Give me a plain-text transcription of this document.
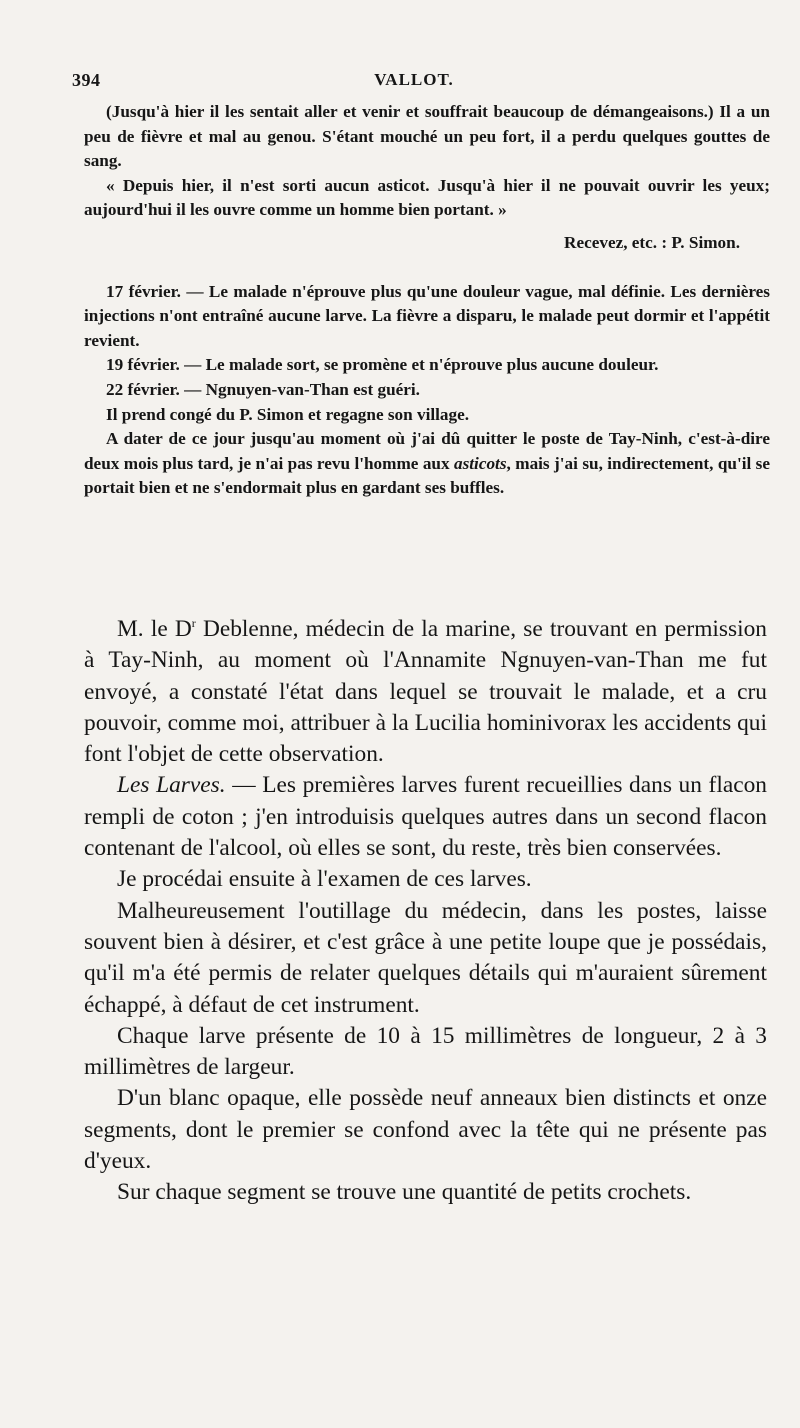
394	VALLOT.

(Jusqu'à hier il les sentait aller et venir et souffrait beaucoup de démangeaisons.) Il a un peu de fièvre et mal au genou. S'étant mouché un peu fort, il a perdu quelques gouttes de sang.

« Depuis hier, il n'est sorti aucun asticot. Jusqu'à hier il ne pouvait ouvrir les yeux; aujourd'hui il les ouvre comme un homme bien portant. »

Recevez, etc. : P. Simon.

17 février. — Le malade n'éprouve plus qu'une douleur vague, mal définie. Les dernières injections n'ont entraîné aucune larve. La fièvre a disparu, le malade peut dormir et l'appétit revient.

19 février. — Le malade sort, se promène et n'éprouve plus aucune douleur.

22 février. — Ngnuyen-van-Than est guéri.

Il prend congé du P. Simon et regagne son village.

A dater de ce jour jusqu'au moment où j'ai dû quitter le poste de Tay-Ninh, c'est-à-dire deux mois plus tard, je n'ai pas revu l'homme aux asticots, mais j'ai su, indirectement, qu'il se portait bien et ne s'endormait plus en gardant ses buffles.

M. le $D^r$ Deblenne, médecin de la marine, se trouvant en permission à Tay-Ninh, au moment où l'Annamite Ngnuyen-van-Than me fut envoyé, a constaté l'état dans lequel se trouvait le malade, et a cru pouvoir, comme moi, attribuer à la Lucilia hominivorax les accidents qui font l'objet de cette observation.

Les Larves. — Les premières larves furent recueillies dans un flacon rempli de coton ; j'en introduisis quelques autres dans un second flacon contenant de l'alcool, où elles se sont, du reste, très bien conservées.

Je procédai ensuite à l'examen de ces larves.

Malheureusement l'outillage du médecin, dans les postes, laisse souvent bien à désirer, et c'est grâce à une petite loupe que je possédais, qu'il m'a été permis de relater quelques détails qui m'auraient sûrement échappé, à défaut de cet instrument.

Chaque larve présente de 10 à 15 millimètres de longueur, 2 à 3 millimètres de largeur.

D'un blanc opaque, elle possède neuf anneaux bien distincts et onze segments, dont le premier se confond avec la tête qui ne présente pas d'yeux.

Sur chaque segment se trouve une quantité de petits crochets.
